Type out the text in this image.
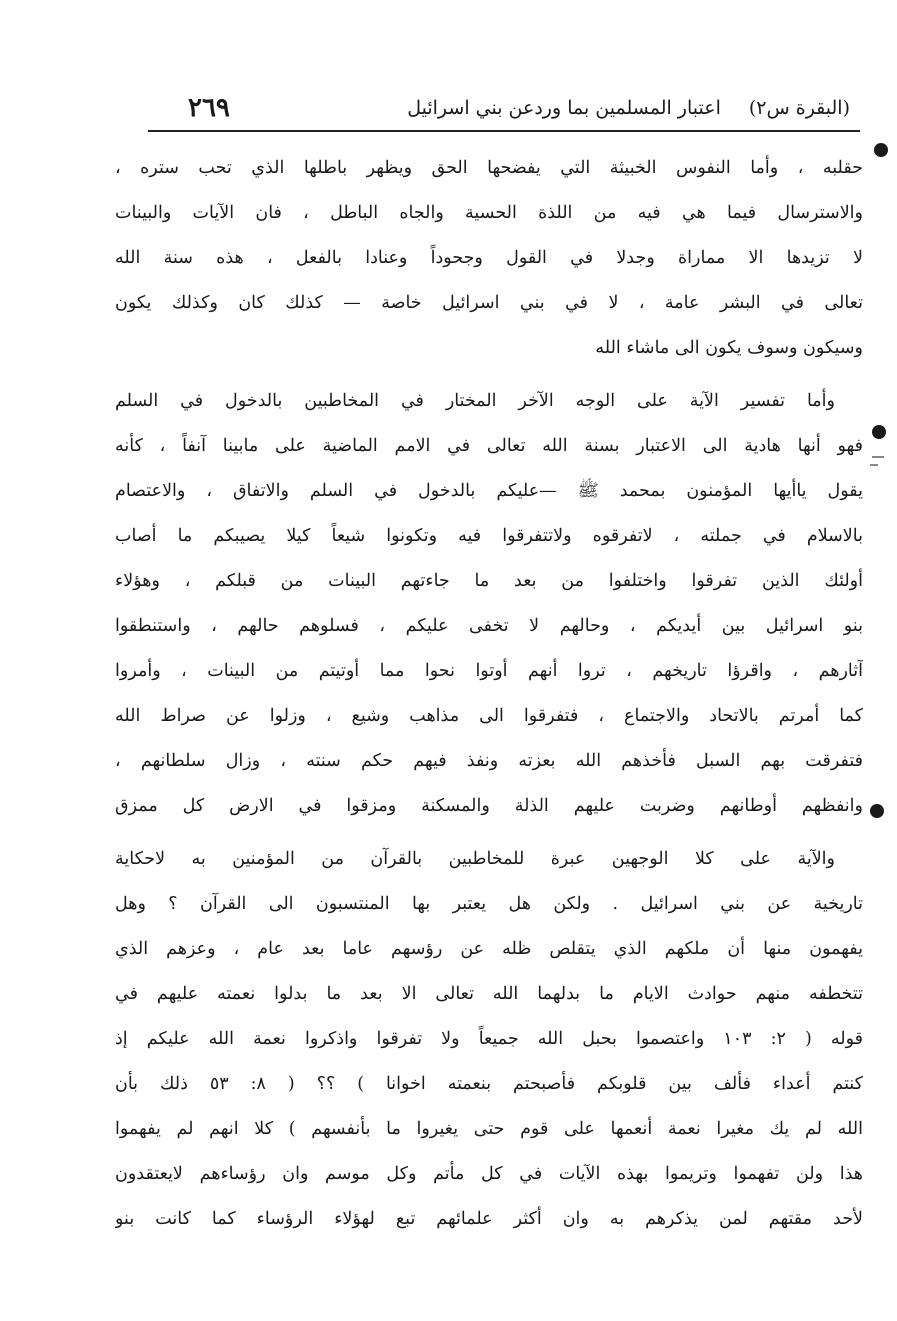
(البقرة س٢)
اعتبار المسلمين بما وردعن بني اسرائيل
٢٦٩
حقلبه ، وأما النفوس الخبيثة التي يفضحها الحق ويظهر باطلها الذي تحب ستره ،
والاسترسال فيما هي فيه من اللذة الحسية والجاه الباطل ، فان الآيات والبينات
لا تزيدها الا مماراة وجدلا في القول وجحوداً وعنادا بالفعل ، هذه سنة الله
تعالى في البشر عامة ، لا في بني اسرائيل خاصة — كذلك كان وكذلك يكون
وسيكون وسوف يكون الى ماشاء الله
وأما تفسير الآية على الوجه الآخر المختار في المخاطبين بالدخول في السلم
فهو أنها هادية الى الاعتبار بسنة الله تعالى في الامم الماضية على مابينا آنفاً ، كأنه
يقول ياأيها المؤمنون بمحمد ﷺ —عليكم بالدخول في السلم والاتفاق ، والاعتصام
بالاسلام في جملته ، لاتفرقوه ولاتتفرقوا فيه وتكونوا شيعاً كيلا يصيبكم ما أصاب
أولئك الذين تفرقوا واختلفوا من بعد ما جاءتهم البينات من قبلكم ، وهؤلاء
بنو اسرائيل بين أيديكم ، وحالهم لا تخفى عليكم ، فسلوهم حالهم ، واستنطقوا
آثارهم ، واقرؤا تاريخهم ، تروا أنهم أوتوا نحوا مما أوتيتم من البينات ، وأمروا
كما أمرتم بالاتحاد والاجتماع ، فتفرقوا الى مذاهب وشيع ، وزلوا عن صراط الله
فتفرقت بهم السبل فأخذهم الله بعزته ونفذ فيهم حكم سنته ، وزال سلطانهم ،
وانفظهم أوطانهم وضربت عليهم الذلة والمسكنة ومزقوا في الارض كل ممزق
والآية على كلا الوجهين عبرة للمخاطبين بالقرآن من المؤمنين به لاحكاية
تاريخية عن بني اسرائيل . ولكن هل يعتبر بها المنتسبون الى القرآن ؟ وهل
يفهمون منها أن ملكهم الذي يتقلص ظله عن رؤسهم عاما بعد عام ، وعزهم الذي
تتخطفه منهم حوادث الايام ما بدلهما الله تعالى الا بعد ما بدلوا نعمته عليهم في
قوله ( ٢: ١٠٣ واعتصموا بحبل الله جميعاً ولا تفرقوا واذكروا نعمة الله عليكم إذ
كنتم أعداء فألف بين قلوبكم فأصبحتم بنعمته اخوانا ) ؟؟ ( ٨: ٥٣ ذلك بأن
الله لم يك مغيرا نعمة أنعمها على قوم حتى يغيروا ما بأنفسهم ) كلا انهم لم يفهموا
هذا ولن تفهموا وتريموا بهذه الآيات في كل مأتم وكل موسم وان رؤساءهم لايعتقدون
لأحد مقتهم لمن يذكرهم به وان أكثر علمائهم تبع لهؤلاء الرؤساء كما كانت بنو
